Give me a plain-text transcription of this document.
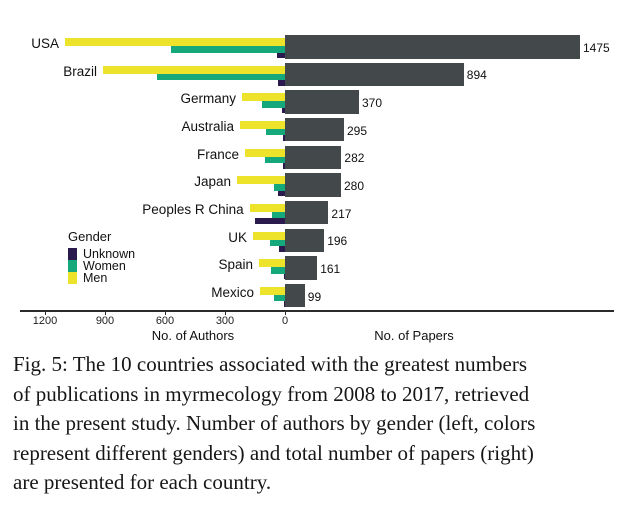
USA	1475
Brazil	894
Germany	370
Australia	295
France	282
Japan	280
Peoples R China	217
UK	196
Spain	161
Mexico	99
1200	900	600	300	0
No. of Authors	No. of Papers
Gender
Unknown
Women
Men
Fig. 5: The 10 countries associated with the greatest numbers
of publications in myrmecology from 2008 to 2017, retrieved
in the present study. Number of authors by gender (left, colors
represent different genders) and total number of papers (right)
are presented for each country.
